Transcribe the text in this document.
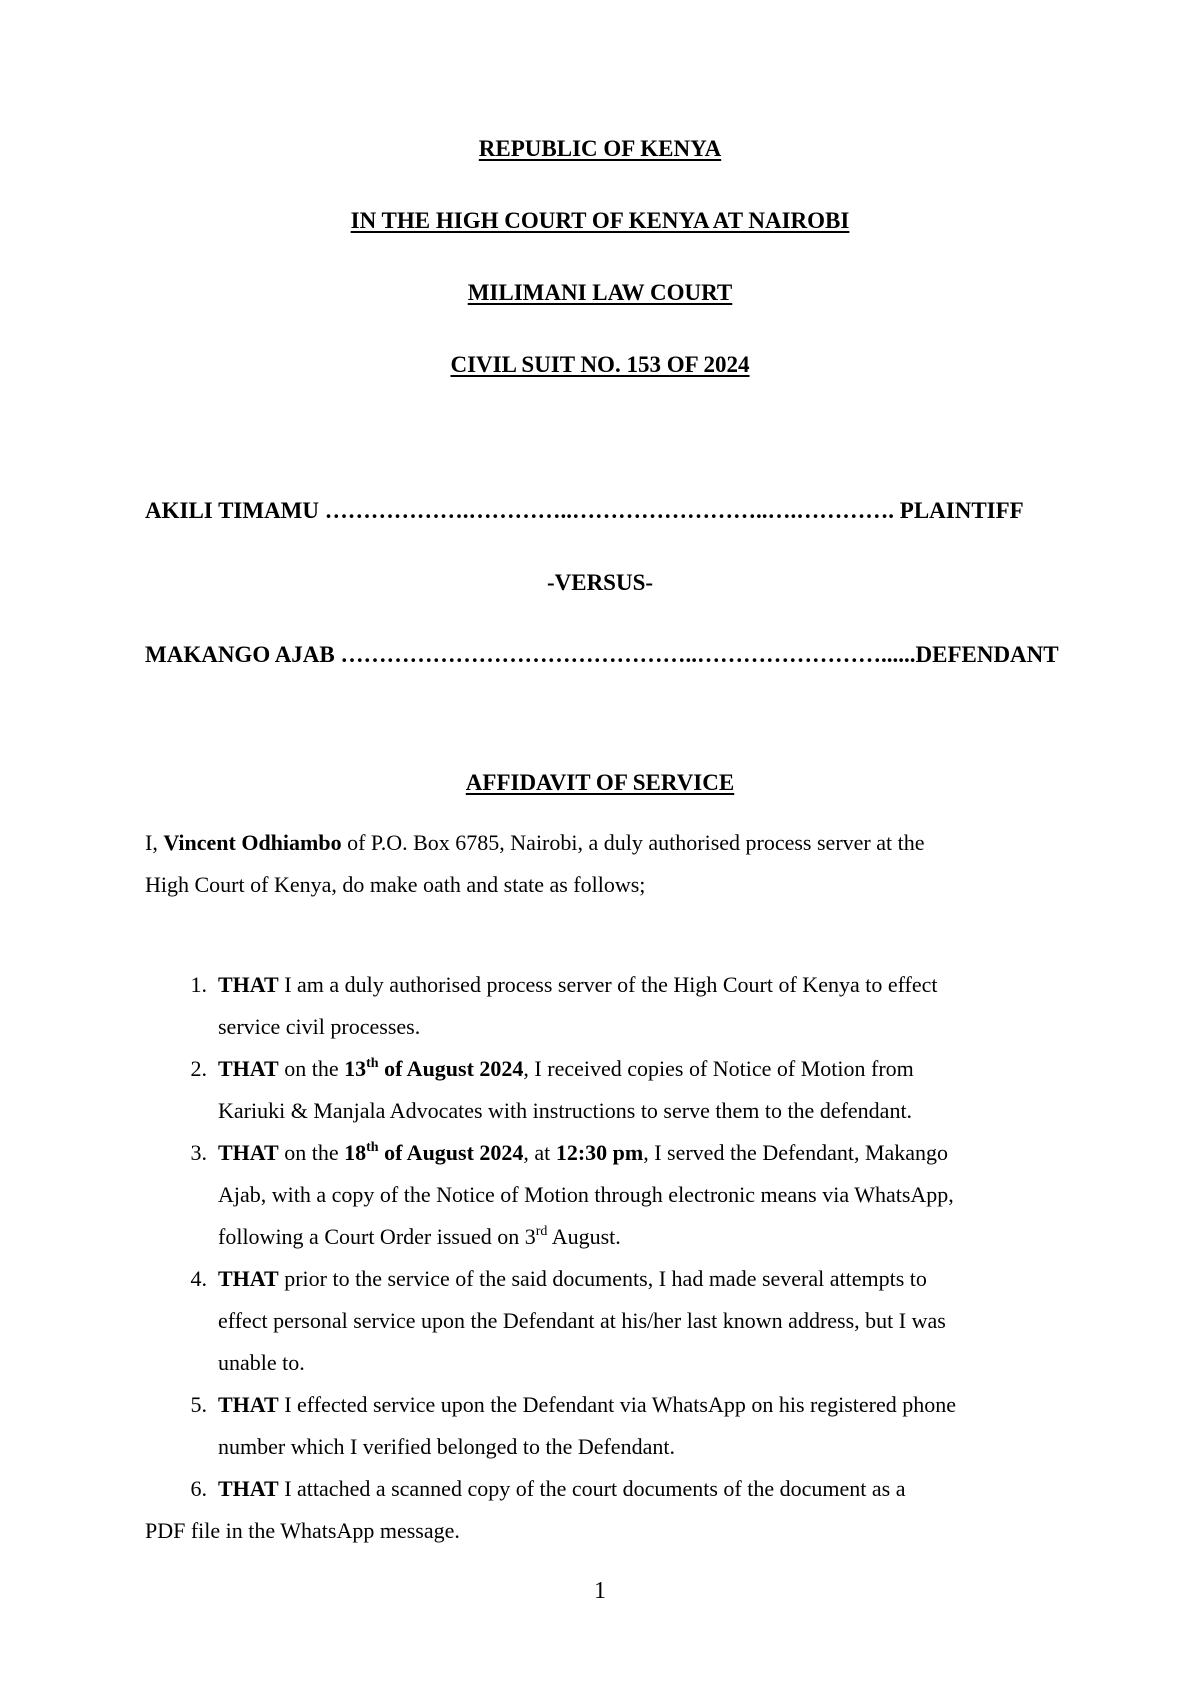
REPUBLIC OF KENYA
IN THE HIGH COURT OF KENYA AT NAIROBI
MILIMANI LAW COURT
CIVIL SUIT NO. 153 OF 2024
AKILI TIMAMU ……………….…………..……………………..….…………. PLAINTIFF
-VERSUS-
MAKANGO AJAB ………………………………………..……………………......DEFENDANT
AFFIDAVIT OF SERVICE
I, Vincent Odhiambo of P.O. Box 6785, Nairobi, a duly authorised process server at the
High Court of Kenya, do make oath and state as follows;
1. THAT I am a duly authorised process server of the High Court of Kenya to effect
service civil processes.
2. THAT on the 13th of August 2024, I received copies of Notice of Motion from
Kariuki & Manjala Advocates with instructions to serve them to the defendant.
3. THAT on the 18th of August 2024, at 12:30 pm, I served the Defendant, Makango
Ajab, with a copy of the Notice of Motion through electronic means via WhatsApp,
following a Court Order issued on 3rd August.
4. THAT prior to the service of the said documents, I had made several attempts to
effect personal service upon the Defendant at his/her last known address, but I was
unable to.
5. THAT I effected service upon the Defendant via WhatsApp on his registered phone
number which I verified belonged to the Defendant.
6. THAT I attached a scanned copy of the court documents of the document as a
PDF file in the WhatsApp message.
1
